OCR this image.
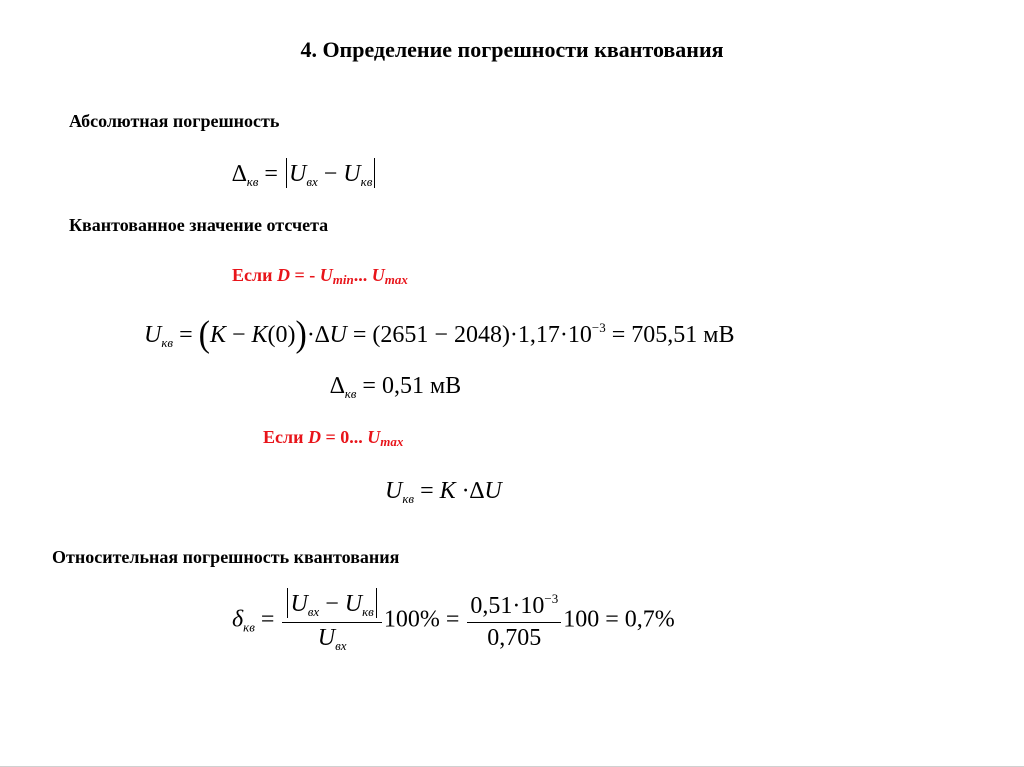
4. Определение погрешности квантования
Абсолютная погрешность
$\Delta_{кв} = U_{вх} - U_{кв}$
Квантованное значение отсчета
Если D = - $U_{min}$... $U_{max}$
$U_{кв} = (K - K(0))\cdot\Delta U = (2651 - 2048)\cdot 1,17\cdot 10^{-3} = 705,51$ мВ
$\Delta_{кв} = 0,51$ мВ
Если D = 0... $U_{max}$
$U_{кв} = K \cdot\Delta U$
Относительная погрешность квантования
$\delta_{кв} = \frac{U_{вх} - U_{кв}}{U_{вх}} 100\% = \frac{0,51\cdot 10^{-3}}{0,705} 100 = 0,7\%$
